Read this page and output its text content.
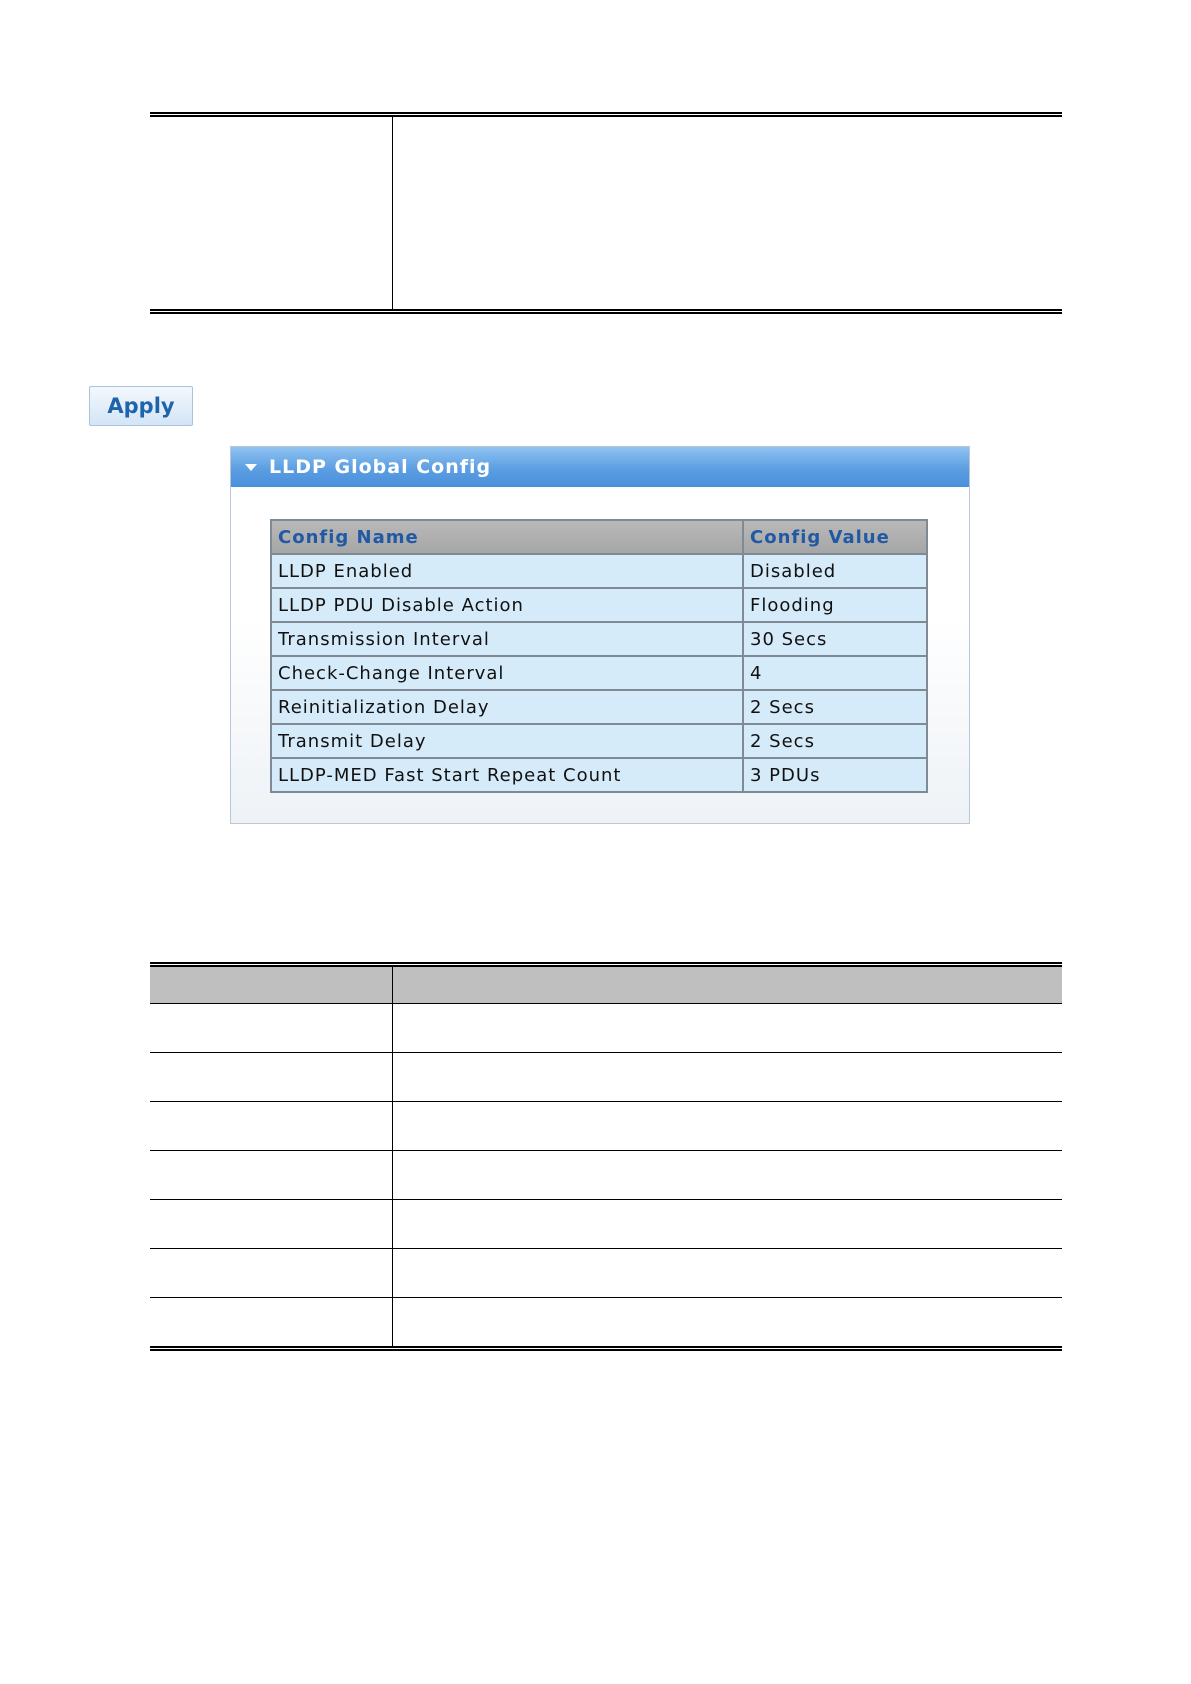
Apply
LLDP Global Config
Config Name	Config Value
LLDP Enabled	Disabled
LLDP PDU Disable Action	Flooding
Transmission Interval	30 Secs
Check-Change Interval	4
Reinitialization Delay	2 Secs
Transmit Delay	2 Secs
LLDP-MED Fast Start Repeat Count	3 PDUs
